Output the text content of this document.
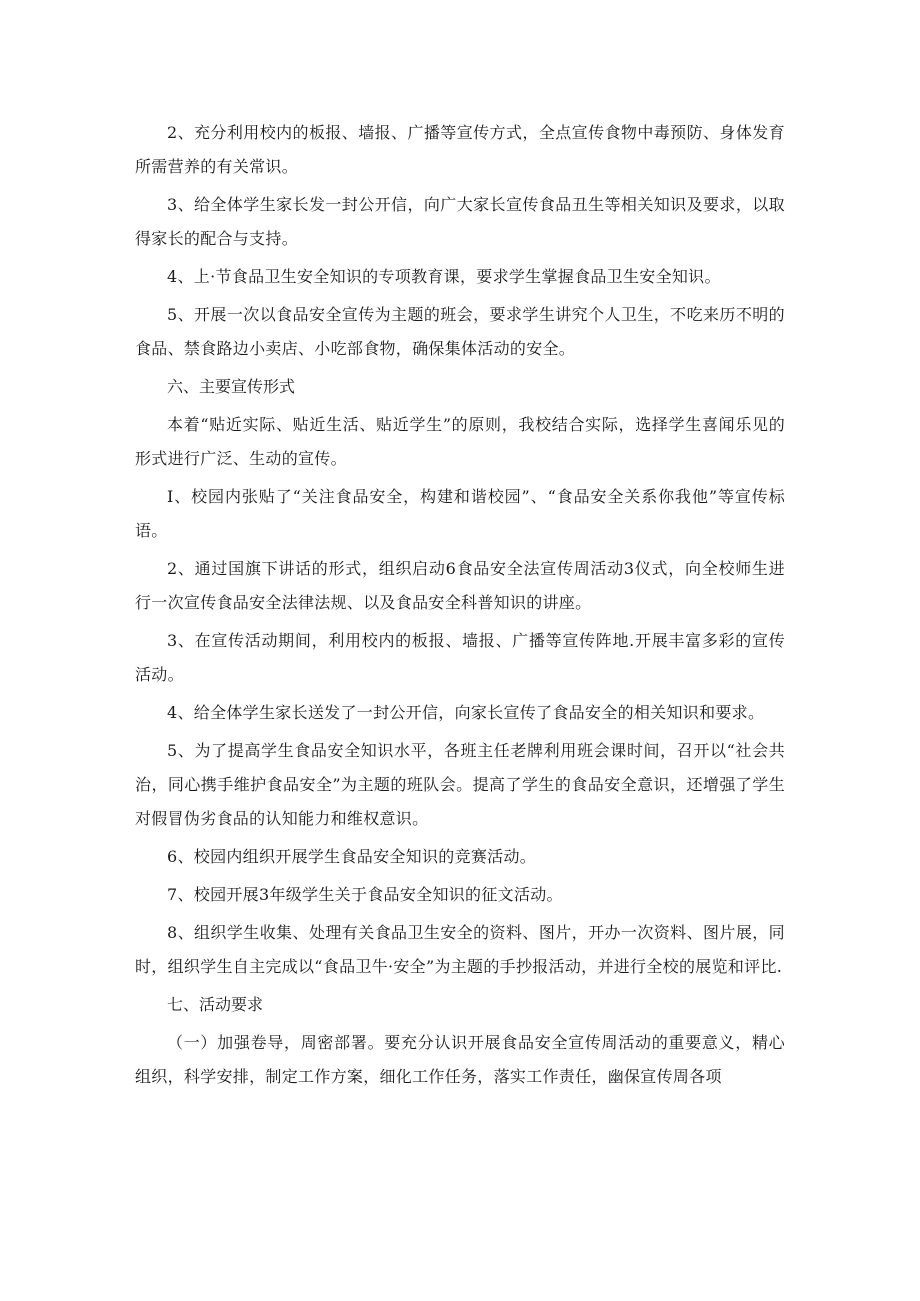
2、充分利用校内的板报、墙报、广播等宣传方式，全点宣传食物中毒预防、身体发育所需营养的有关常识。

3、给全体学生家长发一封公开信，向广大家长宣传食品丑生等相关知识及要求，以取得家长的配合与支持。

4、上·节食品卫生安全知识的专项教育课，要求学生掌握食品卫生安全知识。

5、开展一次以食品安全宣传为主题的班会，要求学生讲究个人卫生，不吃来历不明的食品、禁食路边小卖店、小吃部食物，确保集体活动的安全。

六、主要宣传形式

本着“贴近实际、贴近生活、贴近学生”的原则，我校结合实际，选择学生喜闻乐见的形式进行广泛、生动的宣传。

I、校园内张贴了“关注食品安全，构建和谐校园”、“食品安全关系你我他”等宣传标语。

2、通过国旗下讲话的形式，组织启动6食品安全法宣传周活动3仪式，向全校师生进行一次宣传食品安全法律法规、以及食品安全科普知识的讲座。

3、在宣传活动期间，利用校内的板报、墙报、广播等宣传阵地.开展丰富多彩的宣传活动。

4、给全体学生家长送发了一封公开信，向家长宣传了食品安全的相关知识和要求。

5、为了提高学生食品安全知识水平，各班主任老牌利用班会课时间，召开以“社会共治，同心携手维护食品安全”为主题的班队会。提高了学生的食品安全意识，还增强了学生对假冒伪劣食品的认知能力和维权意识。

6、校园内组织开展学生食品安全知识的竞赛活动。

7、校园开展3年级学生关于食品安全知识的征文活动。

8、组织学生收集、处理有关食品卫生安全的资料、图片，开办一次资料、图片展，同时，组织学生自主完成以“食品卫牛·安全”为主题的手抄报活动，并进行全校的展览和评比.

七、活动要求

（一）加强卷导，周密部署。要充分认识开展食品安全宣传周活动的重要意义，精心组织，科学安排，制定工作方案，细化工作任务，落实工作责任，幽保宣传周各项
